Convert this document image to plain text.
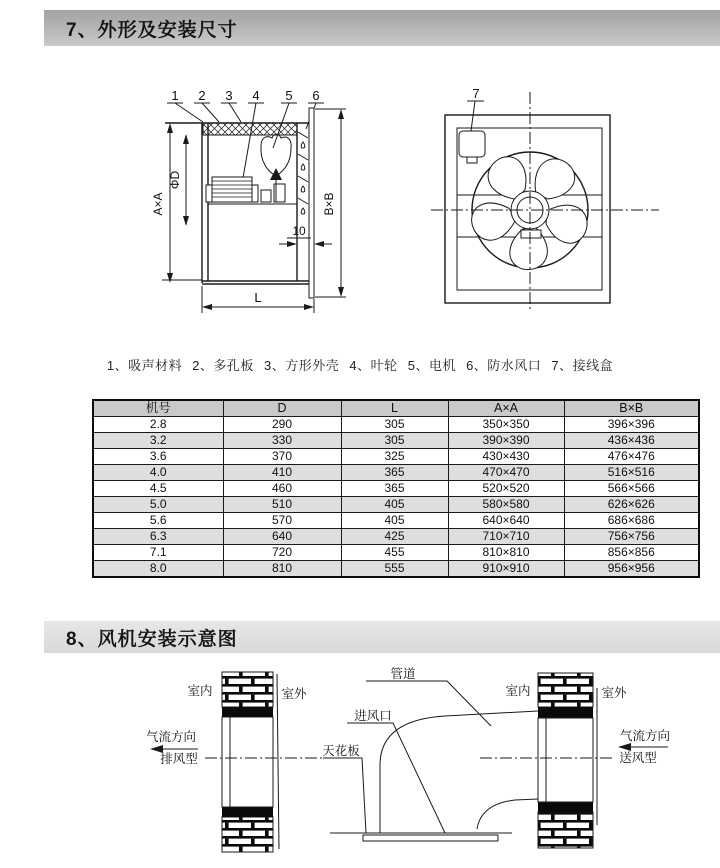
7、外形及安装尺寸
1 2 3 4 5 6
A×A
ΦD
B×B
10
L
7
1、吸声材料 2、多孔板 3、方形外壳 4、叶轮 5、电机 6、防水风口 7、接线盒
机号	D	L	A×A	B×B
2.8	290	305	350×350	396×396
3.2	330	305	390×390	436×436
3.6	370	325	430×430	476×476
4.0	410	365	470×470	516×516
4.5	460	365	520×520	566×566
5.0	510	405	580×580	626×626
5.6	570	405	640×640	686×686
6.3	640	425	710×710	756×756
7.1	720	455	810×810	856×856
8.0	810	555	910×910	956×956
8、风机安装示意图
室内	室外
气流方向
排风型
室内	室外
气流方向
送风型
管道
进风口
天花板
